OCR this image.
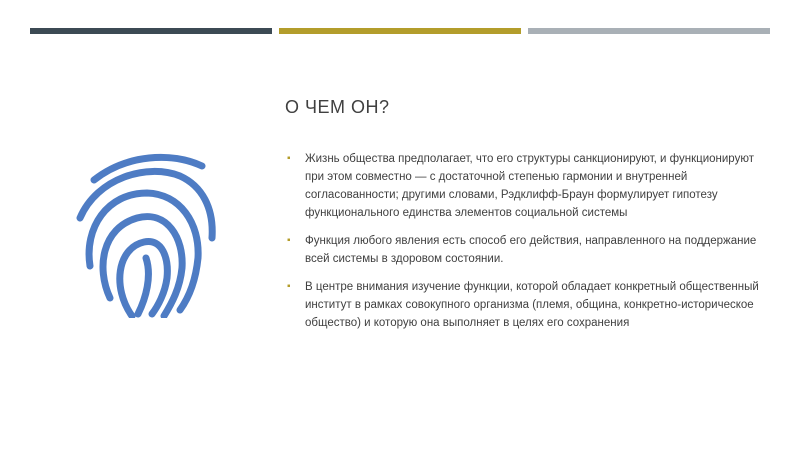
О ЧЕМ ОН?
▪ Жизнь общества предполагает, что его структуры санкционируют, и функционируют при этом совместно — с достаточной степенью гармонии и внутренней согласованности; другими словами, Рэдклифф-Браун формулирует гипотезу функционального единства элементов социальной системы
▪ Функция любого явления есть способ его действия, направленного на поддержание всей системы в здоровом состоянии.
▪ В центре внимания изучение функции, которой обладает конкретный общественный институт в рамках совокупного организма (племя, община, конкретно-историческое общество) и которую она выполняет в целях его сохранения
